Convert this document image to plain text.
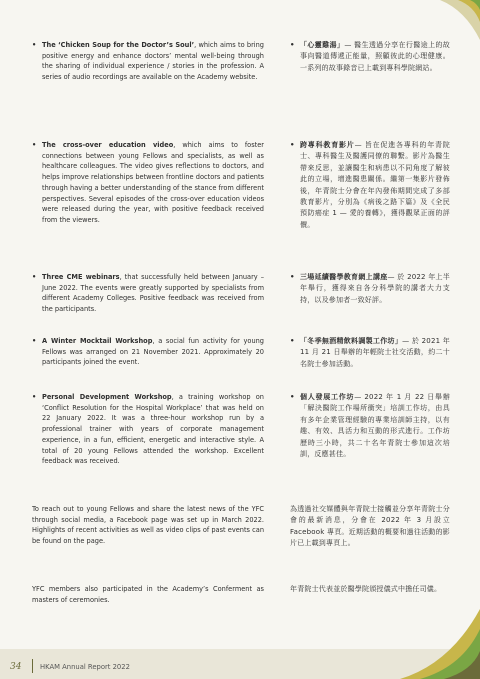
• The ‘Chicken Soup for the Doctor’s Soul’, which aims to bring positive energy and enhance doctors’ mental well-being through the sharing of individual experience / stories in the profession. A series of audio recordings are available on the Academy website.
• 「心靈雞湯」— 醫生透過分享在行醫途上的故事向醫道傳遞正能量，照顧彼此的心理健康。一系列的故事錄音已上載到專科學院網站。
• The cross-over education video, which aims to foster connections between young Fellows and specialists, as well as healthcare colleagues. The video gives reflections to doctors, and helps improve relationships between frontline doctors and patients through having a better understanding of the stance from different perspectives. Several episodes of the cross-over education videos were released during the year, with positive feedback received from the viewers.
• 跨專科教育影片— 旨在促進各專科的年青院士、專科醫生及醫護同僚的聯繫。影片為醫生帶來反思，並讓醫生和病患以不同角度了解彼此的立場，增進醫患關係。繼第一集影片發佈後，年青院士分會在年內發佈期間完成了多部教育影片，分別為《病後之路下篇》及《全民預防癌症 1 — 愛的養轉》，獲得觀眾正面的評價。
• Three CME webinars, that successfully held between January – June 2022. The events were greatly supported by specialists from different Academy Colleges. Positive feedback was received from the participants.
• 三場延續醫學教育網上講座— 於 2022 年上半年舉行，獲得來自各分科學院的講者大力支持，以及參加者一致好評。
• A Winter Mocktail Workshop, a social fun activity for young Fellows was arranged on 21 November 2021. Approximately 20 participants joined the event.
• 「冬季無酒精飲料調製工作坊」— 於 2021 年 11 月 21 日舉辦的年輕院士社交活動，約二十名院士參加活動。
• Personal Development Workshop, a training workshop on ‘Conflict Resolution for the Hospital Workplace’ that was held on 22 January 2022. It was a three-hour workshop run by a professional trainer with years of corporate management experience, in a fun, efficient, energetic and interactive style. A total of 20 young Fellows attended the workshop. Excellent feedback was received.
• 個人發展工作坊— 2022 年 1 月 22 日舉辦「解決醫院工作場所衝突」培訓工作坊，由具有多年企業管理經驗的專業培訓師主持，以有趣、有效、具活力和互動的形式進行。工作坊歷時三小時，共二十名年青院士參加這次培訓，反應甚佳。
To reach out to young Fellows and share the latest news of the YFC through social media, a Facebook page was set up in March 2022. Highlights of recent activities as well as video clips of past events can be found on the page.
為透過社交媒體與年青院士接觸並分享年青院士分會的最新消息，分會在 2022 年 3 月設立 Facebook 專頁。近期活動的概要和過往活動的影片已上載到專頁上。
YFC members also participated in the Academy’s Conferment as masters of ceremonies.
年青院士代表並於醫學院頒授儀式中擔任司儀。
34	HKAM Annual Report 2022
